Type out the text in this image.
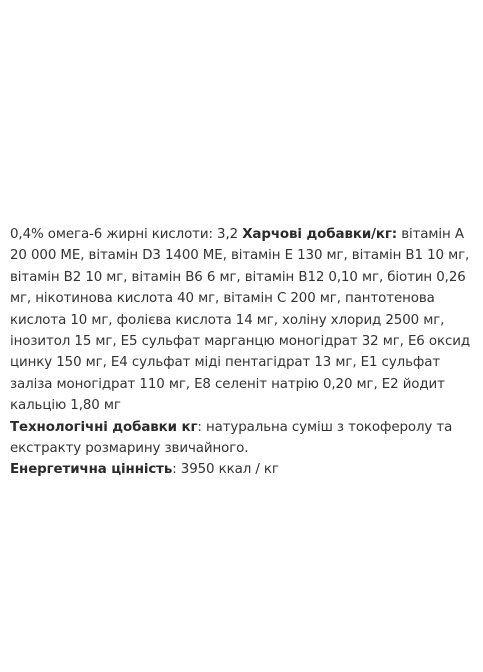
0,4% омега-6 жирні кислоти: 3,2 Харчові добавки/кг: вітамін A 20 000 ME, вітамін D3 1400 ME, вітамін E 130 мг, вітамін B1 10 мг, вітамін B2 10 мг, вітамін B6 6 мг, вітамін B12 0,10 мг, біотин 0,26 мг, нікотинова кислота 40 мг, вітамін C 200 мг, пантотенова кислота 10 мг, фолієва кислота 14 мг, холіну хлорид 2500 мг, інозитол 15 мг, E5 сульфат марганцю моногідрат 32 мг, E6 оксид цинку 150 мг, E4 сульфат міді пентагідрат 13 мг, E1 сульфат заліза моногідрат 110 мг, E8 селеніт натрію 0,20 мг, E2 йодит кальцію 1,80 мг

Технологічні добавки кг: натуральна суміш з токоферолу та екстракту розмарину звичайного.

Енергетична цінність: 3950 ккал / кг
